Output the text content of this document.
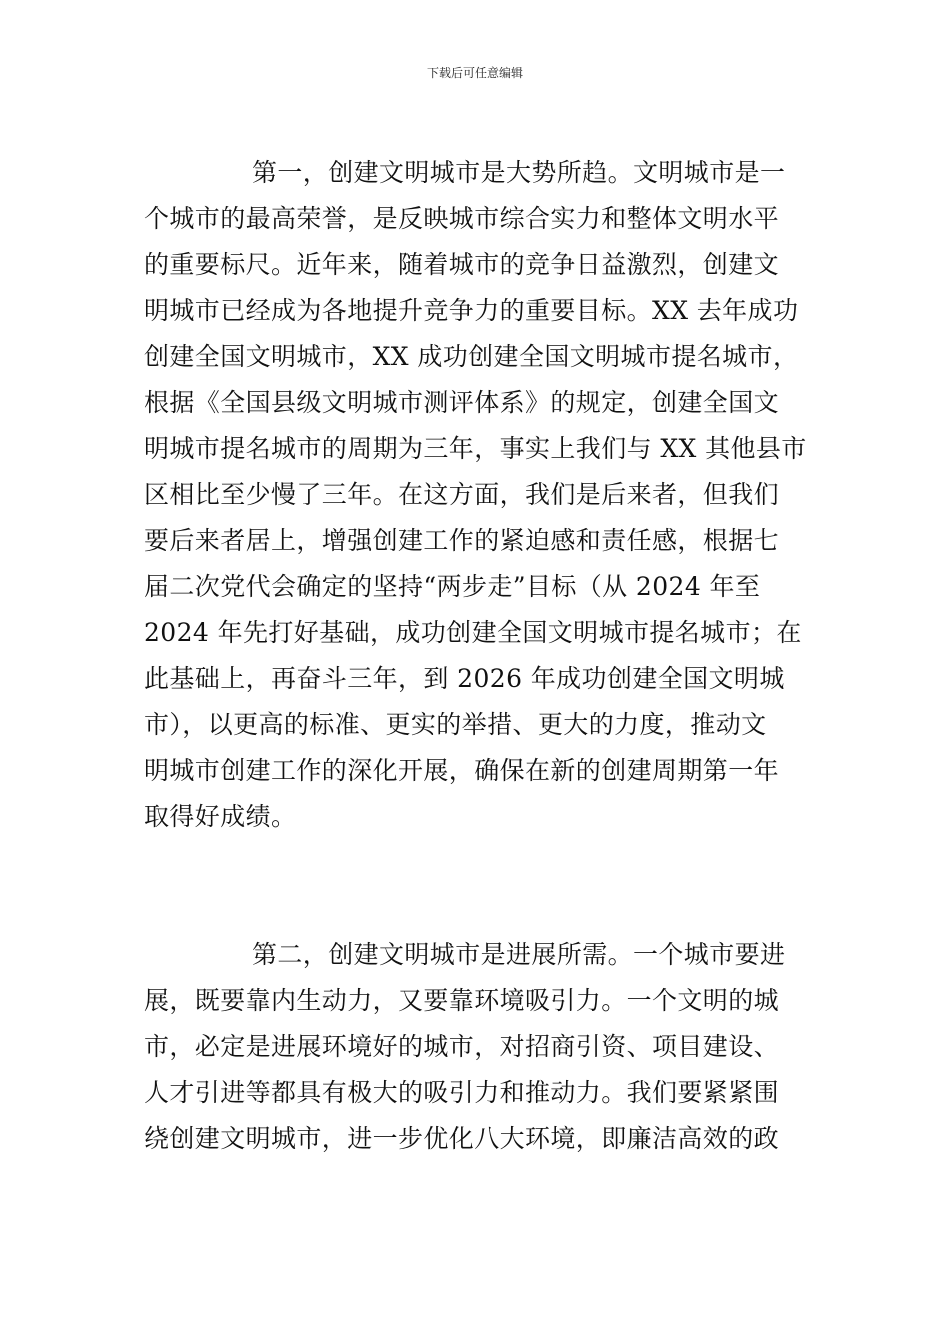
下载后可任意编辑
第一，创建文明城市是大势所趋。文明城市是一
个城市的最高荣誉，是反映城市综合实力和整体文明水平
的重要标尺。近年来，随着城市的竞争日益激烈，创建文
明城市已经成为各地提升竞争力的重要目标。XX 去年成功
创建全国文明城市，XX 成功创建全国文明城市提名城市，
根据《全国县级文明城市测评体系》的规定，创建全国文
明城市提名城市的周期为三年，事实上我们与 XX 其他县市
区相比至少慢了三年。在这方面，我们是后来者，但我们
要后来者居上，增强创建工作的紧迫感和责任感，根据七
届二次党代会确定的坚持“两步走”目标（从 2024 年至
2024 年先打好基础，成功创建全国文明城市提名城市；在
此基础上，再奋斗三年，到 2026 年成功创建全国文明城
市），以更高的标准、更实的举措、更大的力度，推动文
明城市创建工作的深化开展，确保在新的创建周期第一年
取得好成绩。
第二，创建文明城市是进展所需。一个城市要进
展，既要靠内生动力，又要靠环境吸引力。一个文明的城
市，必定是进展环境好的城市，对招商引资、项目建设、
人才引进等都具有极大的吸引力和推动力。我们要紧紧围
绕创建文明城市，进一步优化八大环境，即廉洁高效的政
